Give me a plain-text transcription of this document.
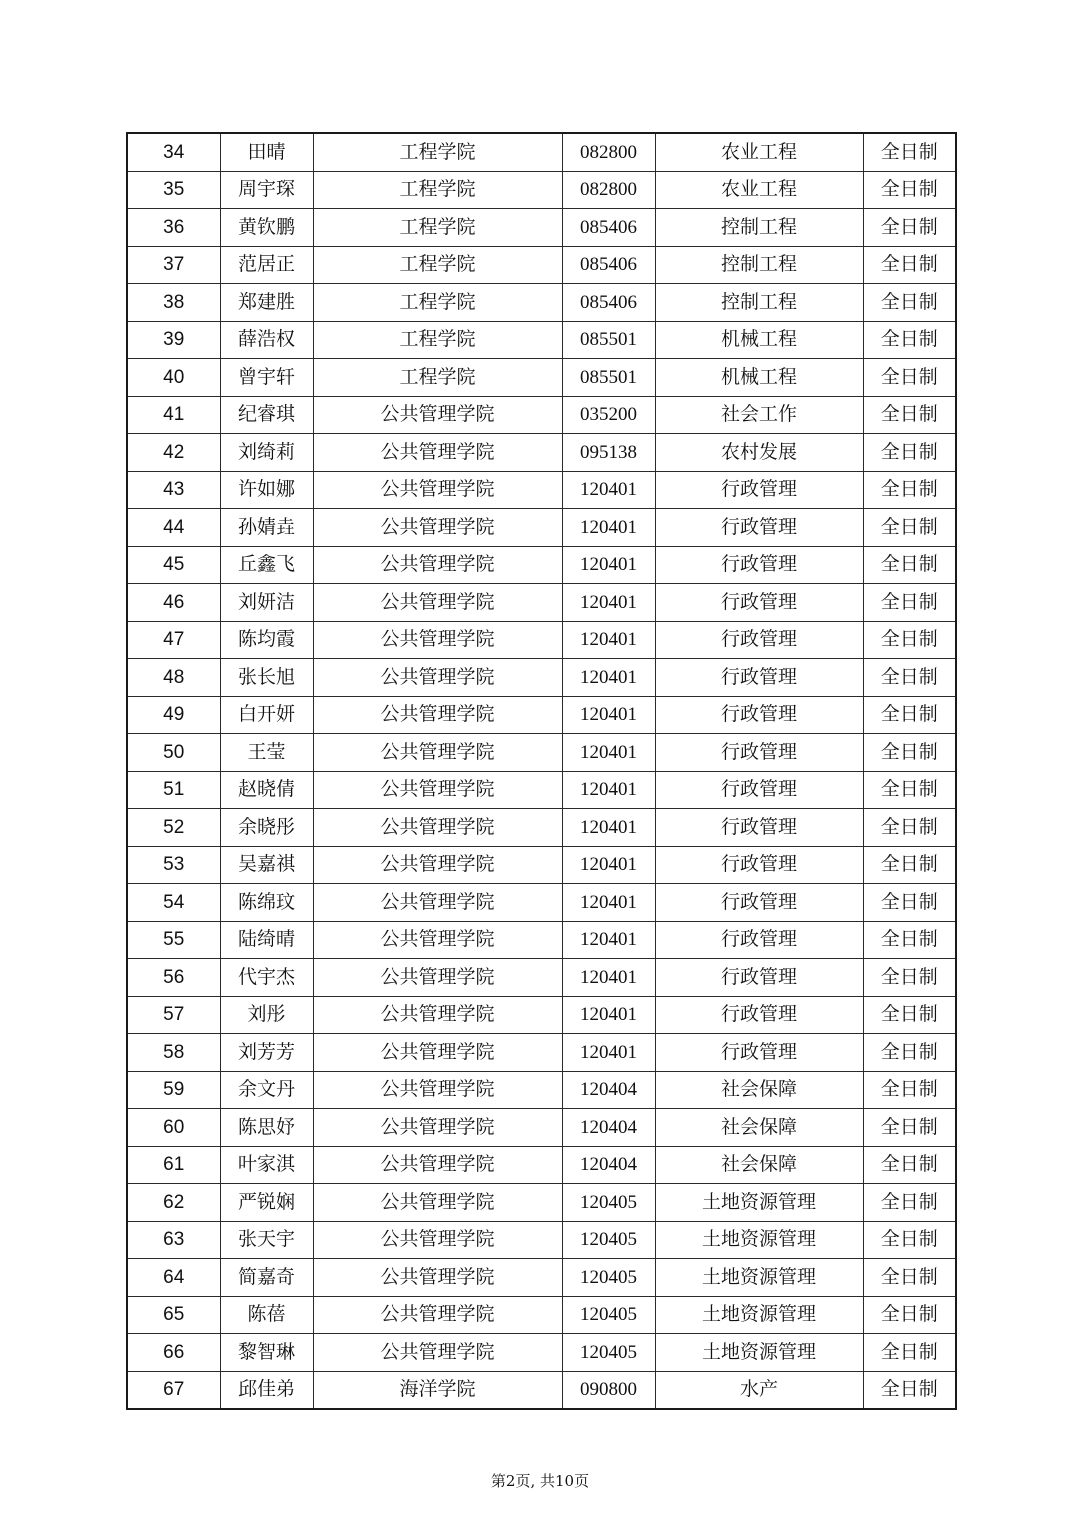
34	田晴	工程学院	082800	农业工程	全日制
35	周宇琛	工程学院	082800	农业工程	全日制
36	黄钦鹏	工程学院	085406	控制工程	全日制
37	范居正	工程学院	085406	控制工程	全日制
38	郑建胜	工程学院	085406	控制工程	全日制
39	薛浩权	工程学院	085501	机械工程	全日制
40	曾宇轩	工程学院	085501	机械工程	全日制
41	纪睿琪	公共管理学院	035200	社会工作	全日制
42	刘绮莉	公共管理学院	095138	农村发展	全日制
43	许如娜	公共管理学院	120401	行政管理	全日制
44	孙婧垚	公共管理学院	120401	行政管理	全日制
45	丘鑫飞	公共管理学院	120401	行政管理	全日制
46	刘妍洁	公共管理学院	120401	行政管理	全日制
47	陈均霞	公共管理学院	120401	行政管理	全日制
48	张长旭	公共管理学院	120401	行政管理	全日制
49	白开妍	公共管理学院	120401	行政管理	全日制
50	王莹	公共管理学院	120401	行政管理	全日制
51	赵晓倩	公共管理学院	120401	行政管理	全日制
52	余晓彤	公共管理学院	120401	行政管理	全日制
53	吴嘉祺	公共管理学院	120401	行政管理	全日制
54	陈绵玟	公共管理学院	120401	行政管理	全日制
55	陆绮晴	公共管理学院	120401	行政管理	全日制
56	代宇杰	公共管理学院	120401	行政管理	全日制
57	刘彤	公共管理学院	120401	行政管理	全日制
58	刘芳芳	公共管理学院	120401	行政管理	全日制
59	余文丹	公共管理学院	120404	社会保障	全日制
60	陈思妤	公共管理学院	120404	社会保障	全日制
61	叶家淇	公共管理学院	120404	社会保障	全日制
62	严锐娴	公共管理学院	120405	土地资源管理	全日制
63	张天宇	公共管理学院	120405	土地资源管理	全日制
64	简嘉奇	公共管理学院	120405	土地资源管理	全日制
65	陈蓓	公共管理学院	120405	土地资源管理	全日制
66	黎智琳	公共管理学院	120405	土地资源管理	全日制
67	邱佳弟	海洋学院	090800	水产	全日制
第2页, 共10页
